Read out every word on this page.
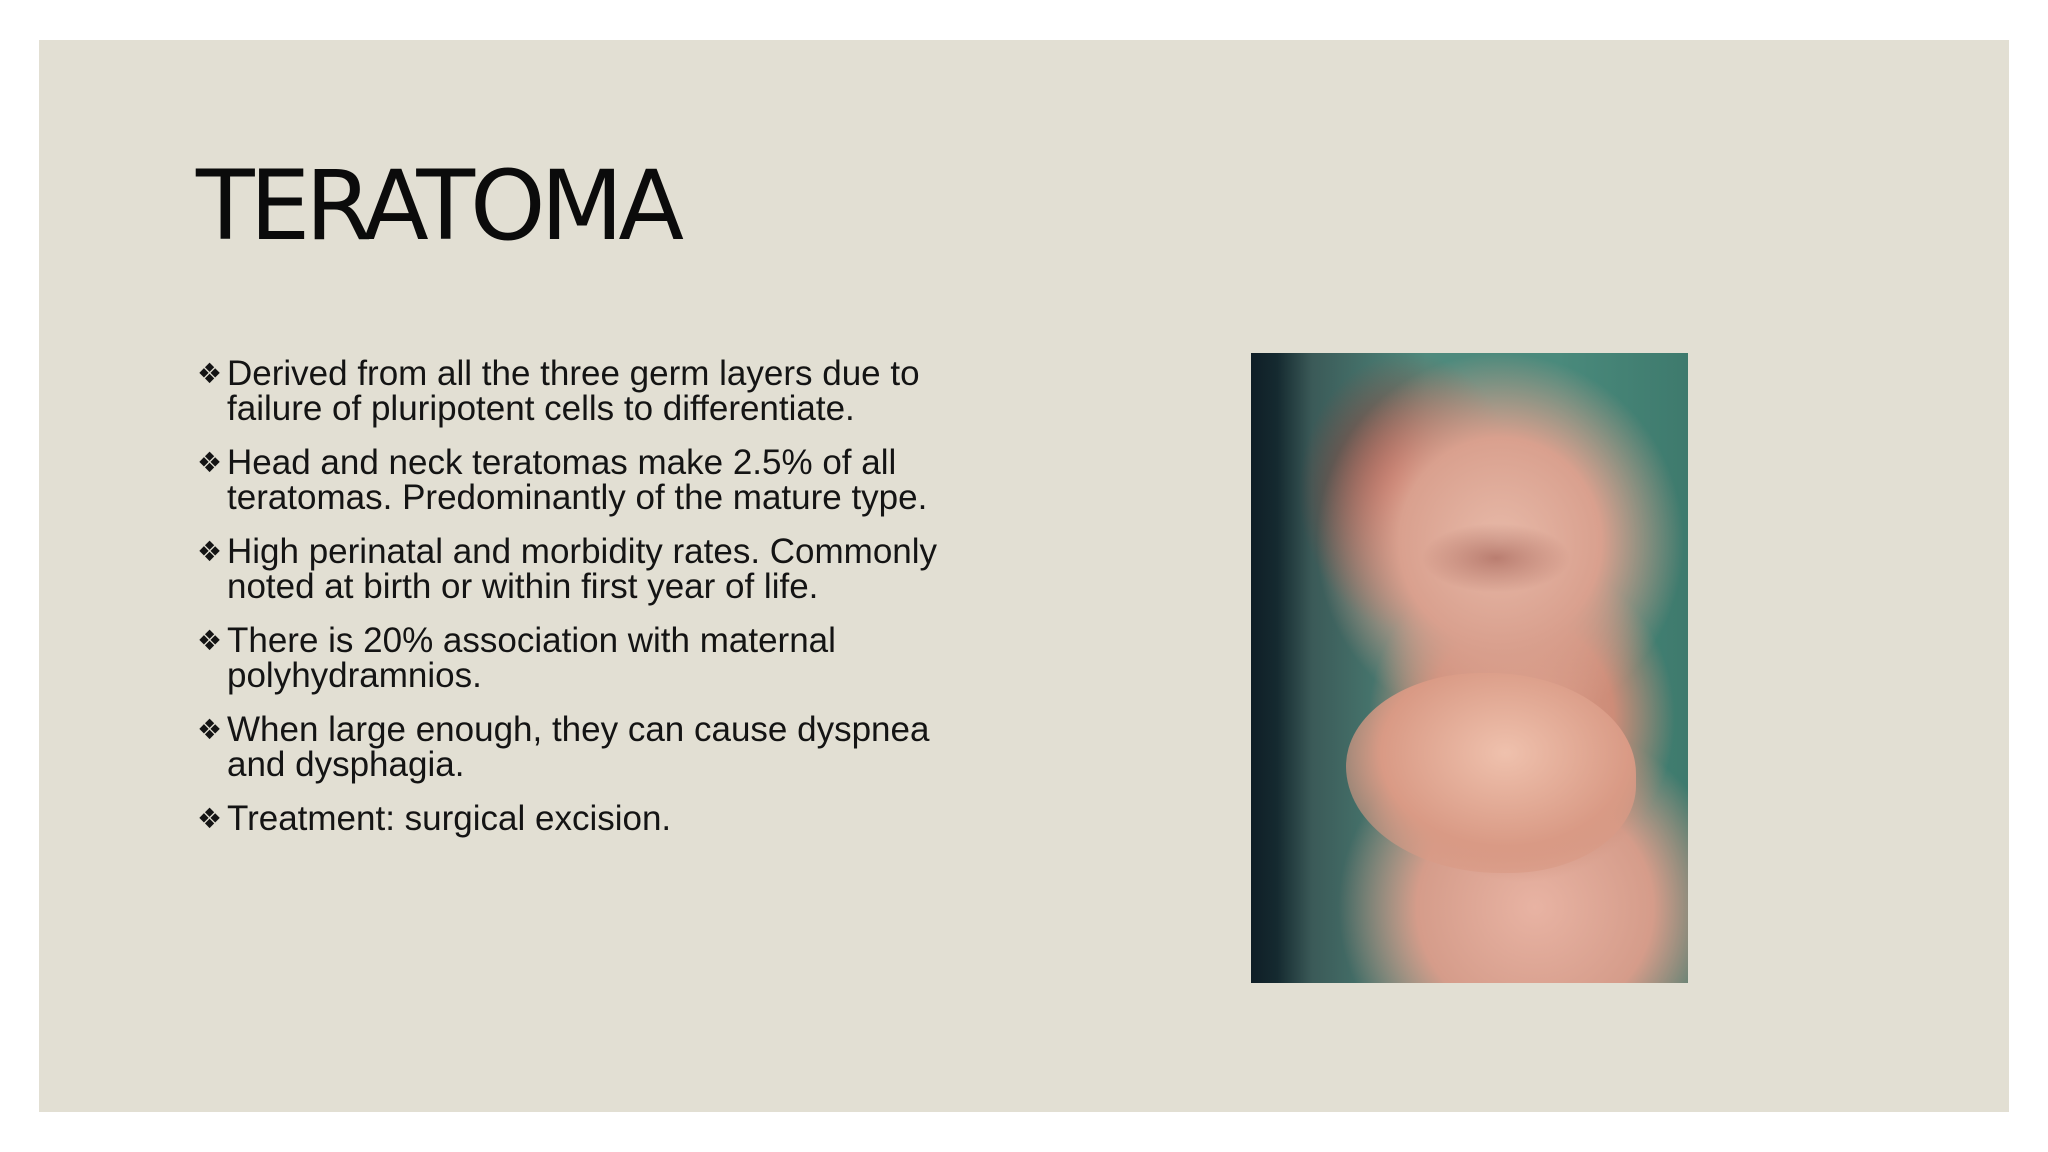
TERATOMA
❖ Derived from all the three germ layers due to failure of pluripotent cells to differentiate.
❖ Head and neck teratomas make 2.5% of all teratomas. Predominantly of the mature type.
❖ High perinatal and morbidity rates. Commonly noted at birth or within first year of life.
❖ There is 20% association with maternal polyhydramnios.
❖ When large enough, they can cause dyspnea and dysphagia.
❖ Treatment: surgical excision.
